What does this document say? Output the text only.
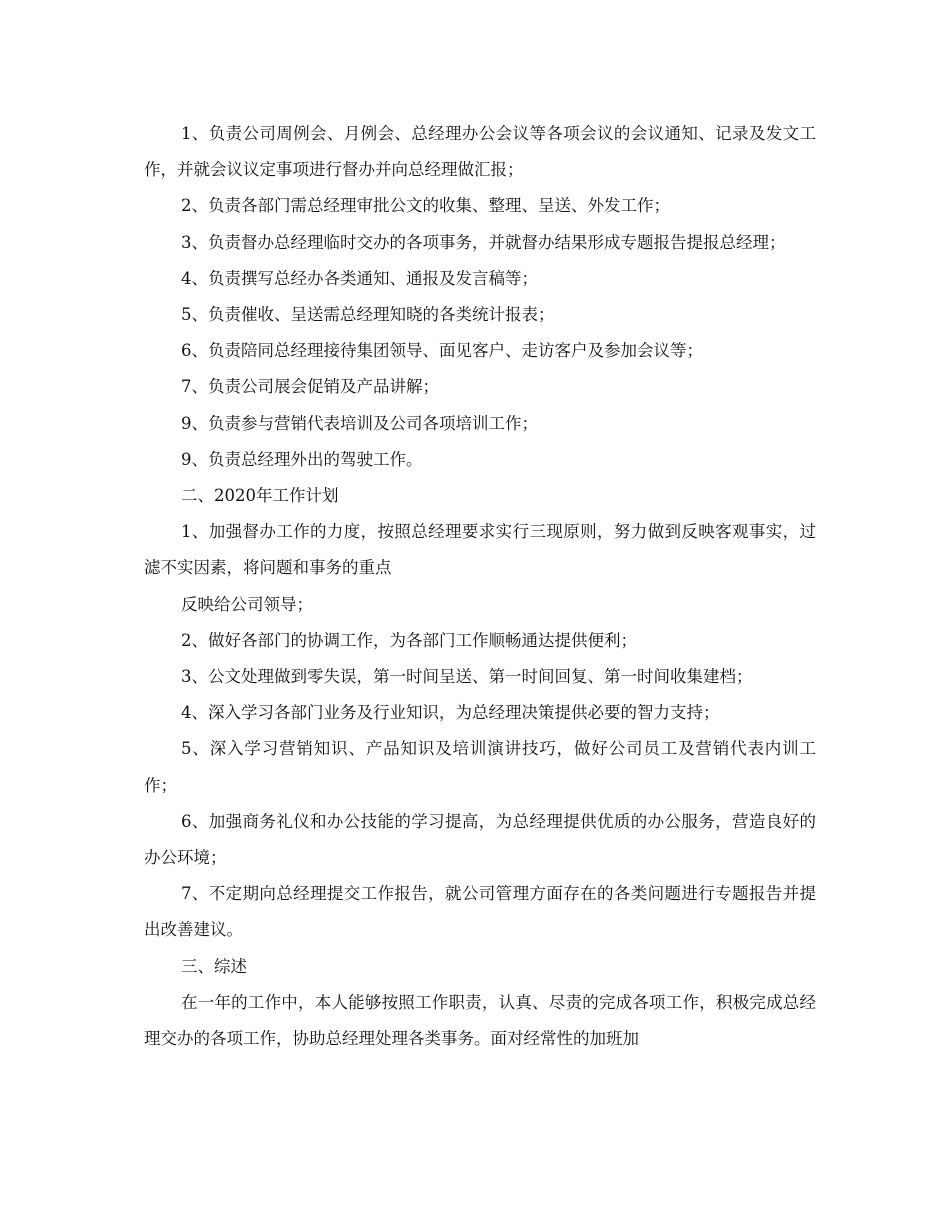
1、负责公司周例会、月例会、总经理办公会议等各项会议的会议通知、记录及发文工作，并就会议议定事项进行督办并向总经理做汇报；

2、负责各部门需总经理审批公文的收集、整理、呈送、外发工作；

3、负责督办总经理临时交办的各项事务，并就督办结果形成专题报告提报总经理；

4、负责撰写总经办各类通知、通报及发言稿等；

5、负责催收、呈送需总经理知晓的各类统计报表；

6、负责陪同总经理接待集团领导、面见客户、走访客户及参加会议等；

7、负责公司展会促销及产品讲解；

9、负责参与营销代表培训及公司各项培训工作；

9、负责总经理外出的驾驶工作。

二、2020年工作计划

1、加强督办工作的力度，按照总经理要求实行三现原则，努力做到反映客观事实，过滤不实因素，将问题和事务的重点

反映给公司领导；

2、做好各部门的协调工作，为各部门工作顺畅通达提供便利；

3、公文处理做到零失误，第一时间呈送、第一时间回复、第一时间收集建档；

4、深入学习各部门业务及行业知识，为总经理决策提供必要的智力支持；

5、深入学习营销知识、产品知识及培训演讲技巧，做好公司员工及营销代表内训工作；

6、加强商务礼仪和办公技能的学习提高，为总经理提供优质的办公服务，营造良好的办公环境；

7、不定期向总经理提交工作报告，就公司管理方面存在的各类问题进行专题报告并提出改善建议。

三、综述

在一年的工作中，本人能够按照工作职责，认真、尽责的完成各项工作，积极完成总经理交办的各项工作，协助总经理处理各类事务。面对经常性的加班加
